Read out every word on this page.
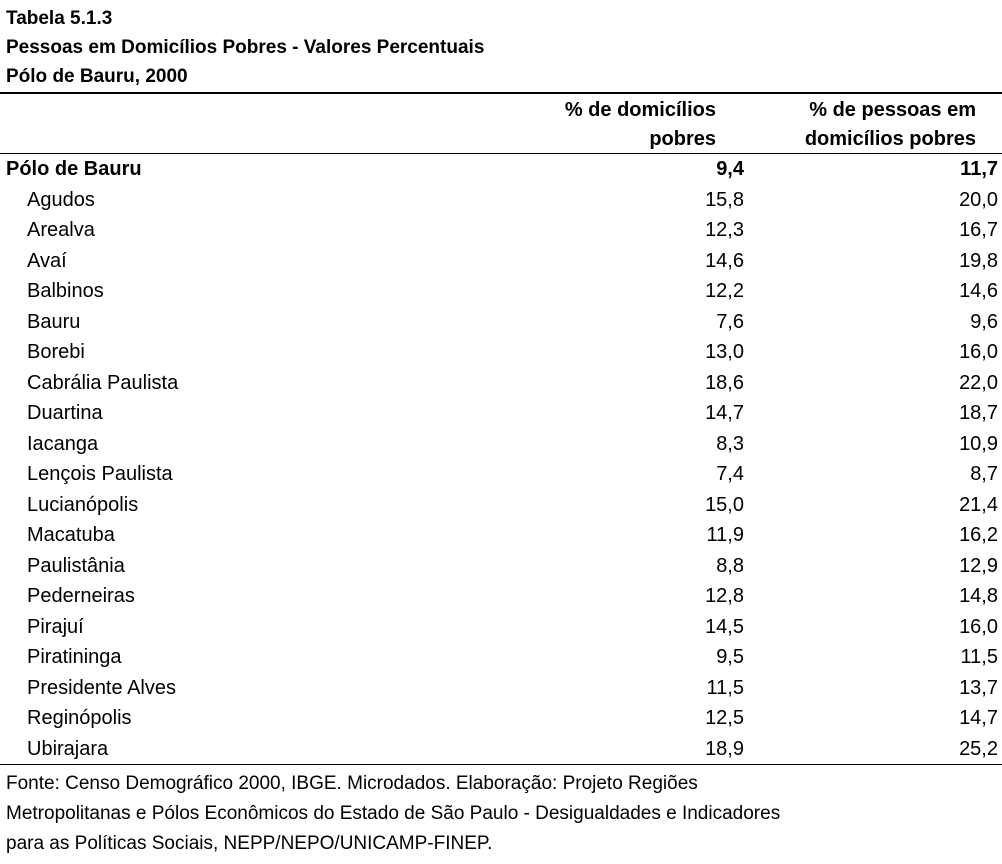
Tabela 5.1.3
Pessoas em Domicílios Pobres - Valores Percentuais
Pólo de Bauru, 2000
% de domicílios
pobres
% de pessoas em
domicílios pobres
Pólo de Bauru	9,4	11,7
Agudos	15,8	20,0
Arealva	12,3	16,7
Avaí	14,6	19,8
Balbinos	12,2	14,6
Bauru	7,6	9,6
Borebi	13,0	16,0
Cabrália Paulista	18,6	22,0
Duartina	14,7	18,7
Iacanga	8,3	10,9
Lençois Paulista	7,4	8,7
Lucianópolis	15,0	21,4
Macatuba	11,9	16,2
Paulistânia	8,8	12,9
Pederneiras	12,8	14,8
Pirajuí	14,5	16,0
Piratininga	9,5	11,5
Presidente Alves	11,5	13,7
Reginópolis	12,5	14,7
Ubirajara	18,9	25,2
Fonte: Censo Demográfico 2000, IBGE. Microdados. Elaboração: Projeto Regiões
Metropolitanas e Pólos Econômicos do Estado de São Paulo - Desigualdades e Indicadores
para as Políticas Sociais, NEPP/NEPO/UNICAMP-FINEP.
